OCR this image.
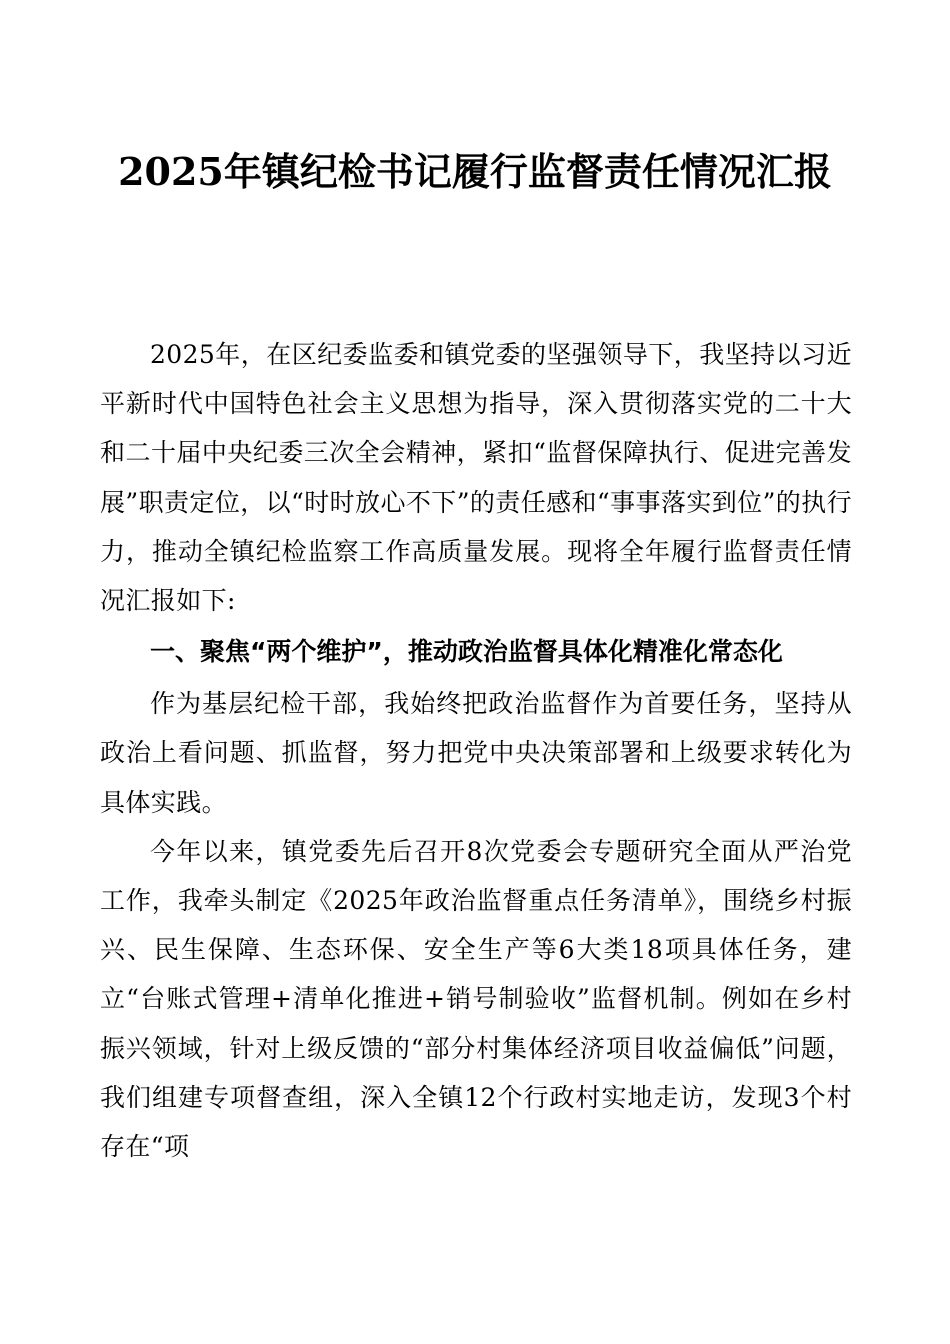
2025年镇纪检书记履行监督责任情况汇报

2025年，在区纪委监委和镇党委的坚强领导下，我坚持以习近平新时代中国特色社会主义思想为指导，深入贯彻落实党的二十大和二十届中央纪委三次全会精神，紧扣“监督保障执行、促进完善发展”职责定位，以“时时放心不下”的责任感和“事事落实到位”的执行力，推动全镇纪检监察工作高质量发展。现将全年履行监督责任情况汇报如下:

一、聚焦“两个维护”，推动政治监督具体化精准化常态化

作为基层纪检干部，我始终把政治监督作为首要任务，坚持从政治上看问题、抓监督，努力把党中央决策部署和上级要求转化为具体实践。

今年以来，镇党委先后召开8次党委会专题研究全面从严治党工作，我牵头制定《2025年政治监督重点任务清单》，围绕乡村振兴、民生保障、生态环保、安全生产等6大类18项具体任务，建立“台账式管理+清单化推进+销号制验收”监督机制。例如在乡村振兴领域，针对上级反馈的“部分村集体经济项目收益偏低”问题，我们组建专项督查组，深入全镇12个行政村实地走访，发现3个村存在“项
